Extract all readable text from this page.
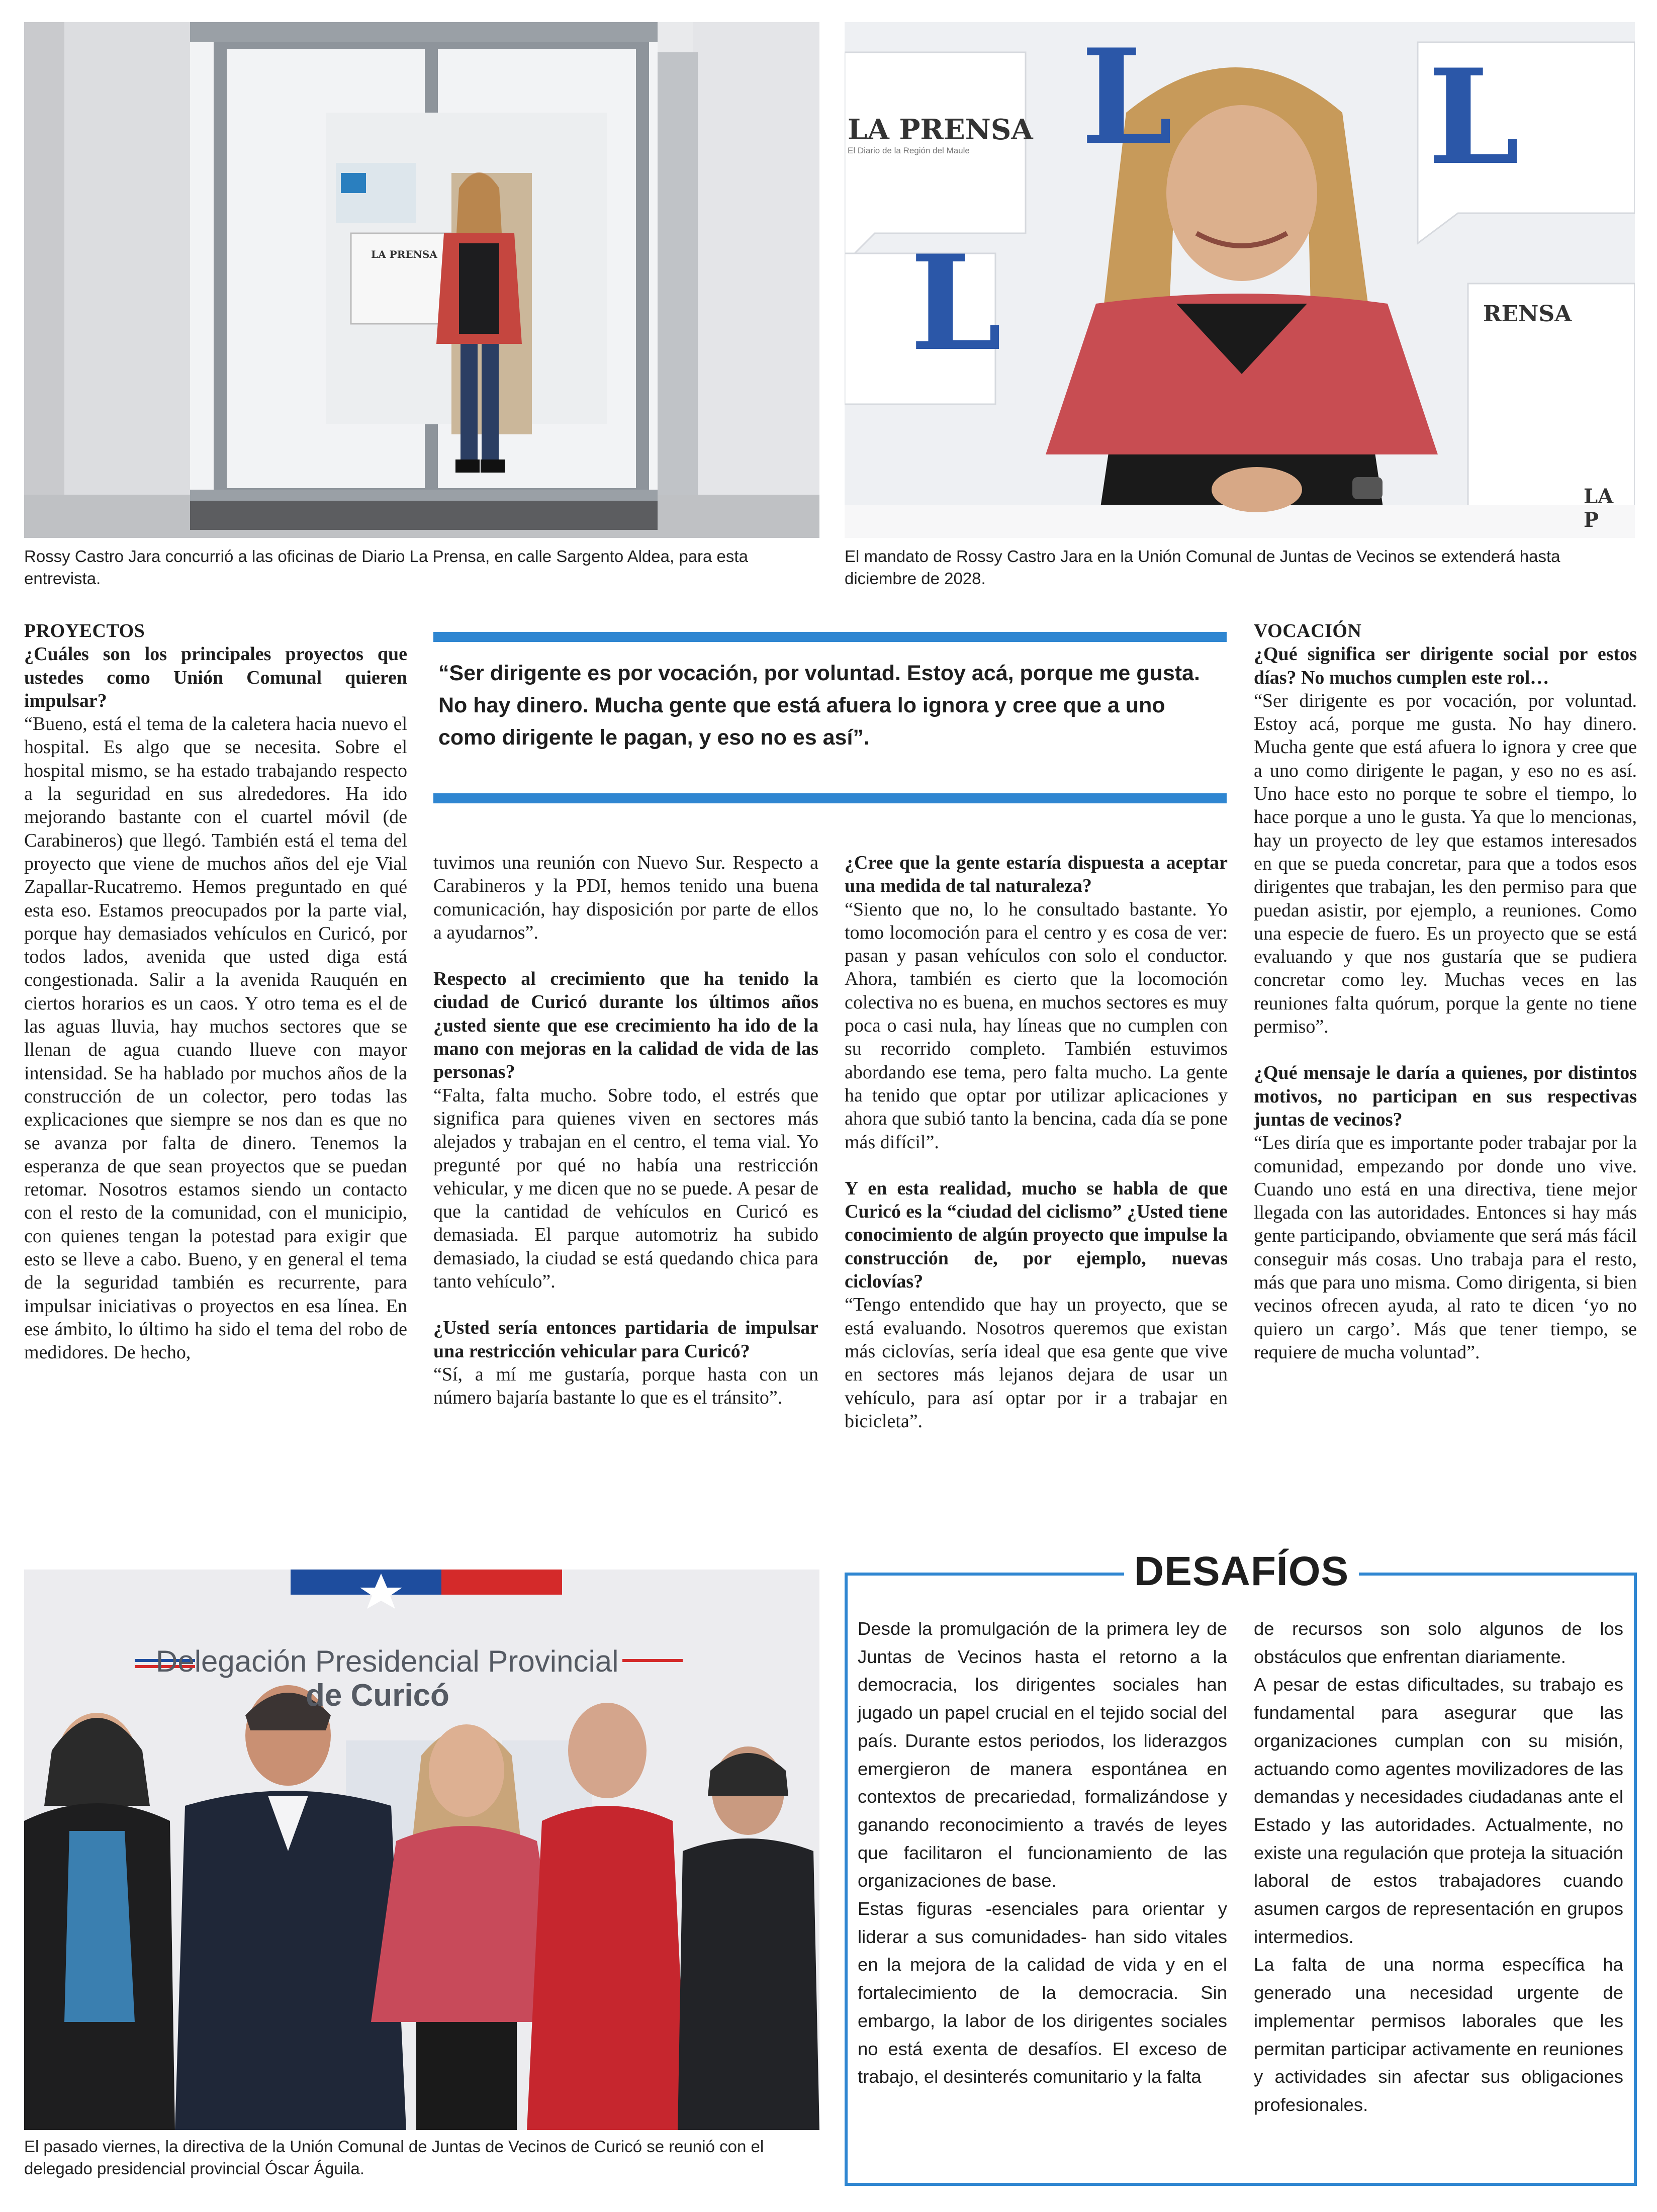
LA PRENSA
L L
L
LA PRENSA
El Diario de la Región del Maule
RENSA
LA P
Rossy Castro Jara concurrió a las oficinas de Diario La Prensa, en calle Sargento Aldea, para esta entrevista.
El mandato de Rossy Castro Jara en la Unión Comunal de Juntas de Vecinos se extenderá hasta diciembre de 2028.

PROYECTOS

¿Cuáles son los principales proyectos que ustedes como Unión Comunal quieren impulsar?

“Bueno, está el tema de la caletera hacia nuevo el hospital. Es algo que se necesita. Sobre el hospital mismo, se ha estado trabajando respecto a la seguridad en sus alrededores. Ha ido mejorando bastante con el cuartel móvil (de Carabineros) que llegó. También está el tema del proyecto que viene de muchos años del eje Vial Zapallar-Rucatremo. Hemos preguntado en qué esta eso. Estamos preocupados por la parte vial, porque hay demasiados vehículos en Curicó, por todos lados, avenida que usted diga está congestionada. Salir a la avenida Rauquén en ciertos horarios es un caos. Y otro tema es el de las aguas lluvia, hay muchos sectores que se llenan de agua cuando llueve con mayor intensidad. Se ha hablado por muchos años de la construcción de un colector, pero todas las explicaciones que siempre se nos dan es que no se avanza por falta de dinero. Tenemos la esperanza de que sean proyectos que se puedan retomar. Nosotros estamos siendo un contacto con el resto de la comunidad, con el municipio, con quienes tengan la potestad para exigir que esto se lleve a cabo. Bueno, y en general el tema de la seguridad también es recurrente, para impulsar iniciativas o proyectos en esa línea. En ese ámbito, lo último ha sido el tema del robo de medidores. De hecho,

“Ser dirigente es por vocación, por voluntad. Estoy acá, porque me gusta. No hay dinero. Mucha gente que está afuera lo ignora y cree que a uno como dirigente le pagan, y eso no es así”.

tuvimos una reunión con Nuevo Sur. Respecto a Carabineros y la PDI, hemos tenido una buena comunicación, hay disposición por parte de ellos a ayudarnos”.

Respecto al crecimiento que ha tenido la ciudad de Curicó durante los últimos años ¿usted siente que ese crecimiento ha ido de la mano con mejoras en la calidad de vida de las personas?

“Falta, falta mucho. Sobre todo, el estrés que significa para quienes viven en sectores más alejados y trabajan en el centro, el tema vial. Yo pregunté por qué no había una restricción vehicular, y me dicen que no se puede. A pesar de que la cantidad de vehículos en Curicó es demasiada. El parque automotriz ha subido demasiado, la ciudad se está quedando chica para tanto vehículo”.

¿Usted sería entonces partidaria de impulsar una restricción vehicular para Curicó?

“Sí, a mí me gustaría, porque hasta con un número bajaría bastante lo que es el tránsito”.

¿Cree que la gente estaría dispuesta a aceptar una medida de tal naturaleza?

“Siento que no, lo he consultado bastante. Yo tomo locomoción para el centro y es cosa de ver: pasan y pasan vehículos con solo el conductor. Ahora, también es cierto que la locomoción colectiva no es buena, en muchos sectores es muy poca o casi nula, hay líneas que no cumplen con su recorrido completo. También estuvimos abordando ese tema, pero falta mucho. La gente ha tenido que optar por utilizar aplicaciones y ahora que subió tanto la bencina, cada día se pone más difícil”.

Y en esta realidad, mucho se habla de que Curicó es la “ciudad del ciclismo” ¿Usted tiene conocimiento de algún proyecto que impulse la construcción de, por ejemplo, nuevas ciclovías?

“Tengo entendido que hay un proyecto, que se está evaluando. Nosotros queremos que existan más ciclovías, sería ideal que esa gente que vive en sectores más lejanos dejara de usar un vehículo, para así optar por ir a trabajar en bicicleta”.

VOCACIÓN

¿Qué significa ser dirigente social por estos días? No muchos cumplen este rol…

“Ser dirigente es por vocación, por voluntad. Estoy acá, porque me gusta. No hay dinero. Mucha gente que está afuera lo ignora y cree que a uno como dirigente le pagan, y eso no es así. Uno hace esto no porque te sobre el tiempo, lo hace porque a uno le gusta. Ya que lo mencionas, hay un proyecto de ley que estamos interesados en que se pueda concretar, para que a todos esos dirigentes que trabajan, les den permiso para que puedan asistir, por ejemplo, a reuniones. Como una especie de fuero. Es un proyecto que se está evaluando y que nos gustaría que se pudiera concretar como ley. Muchas veces en las reuniones falta quórum, porque la gente no tiene permiso”.

¿Qué mensaje le daría a quienes, por distintos motivos, no participan en sus respectivas juntas de vecinos?

“Les diría que es importante poder trabajar por la comunidad, empezando por donde uno vive. Cuando uno está en una directiva, tiene mejor llegada con las autoridades. Entonces si hay más gente participando, obviamente que será más fácil conseguir más cosas. Uno trabaja para el resto, más que para uno misma. Como dirigenta, si bien vecinos ofrecen ayuda, al rato te dicen ‘yo no quiero un cargo’. Más que tener tiempo, se requiere de mucha voluntad”.

Delegación Presidencial Provincial
de Curicó
El pasado viernes, la directiva de la Unión Comunal de Juntas de Vecinos de Curicó se reunió con el delegado presidencial provincial Óscar Águila.
DESAFÍOS

Desde la promulgación de la primera ley de Juntas de Vecinos hasta el retorno a la democracia, los dirigentes sociales han jugado un papel crucial en el tejido social del país. Durante estos periodos, los liderazgos emergieron de manera espontánea en contextos de precariedad, formalizándose y ganando reconocimiento a través de leyes que facilitaron el funcionamiento de las organizaciones de base.

Estas figuras -esenciales para orientar y liderar a sus comunidades- han sido vitales en la mejora de la calidad de vida y en el fortalecimiento de la democracia. Sin embargo, la labor de los dirigentes sociales no está exenta de desafíos. El exceso de trabajo, el desinterés comunitario y la falta

de recursos son solo algunos de los obstáculos que enfrentan diariamente.

A pesar de estas dificultades, su trabajo es fundamental para asegurar que las organizaciones cumplan con su misión, actuando como agentes movilizadores de las demandas y necesidades ciudadanas ante el Estado y las autoridades. Actualmente, no existe una regulación que proteja la situación laboral de estos trabajadores cuando asumen cargos de representación en grupos intermedios.

La falta de una norma específica ha generado una necesidad urgente de implementar permisos laborales que les permitan participar activamente en reuniones y actividades sin afectar sus obligaciones profesionales.
